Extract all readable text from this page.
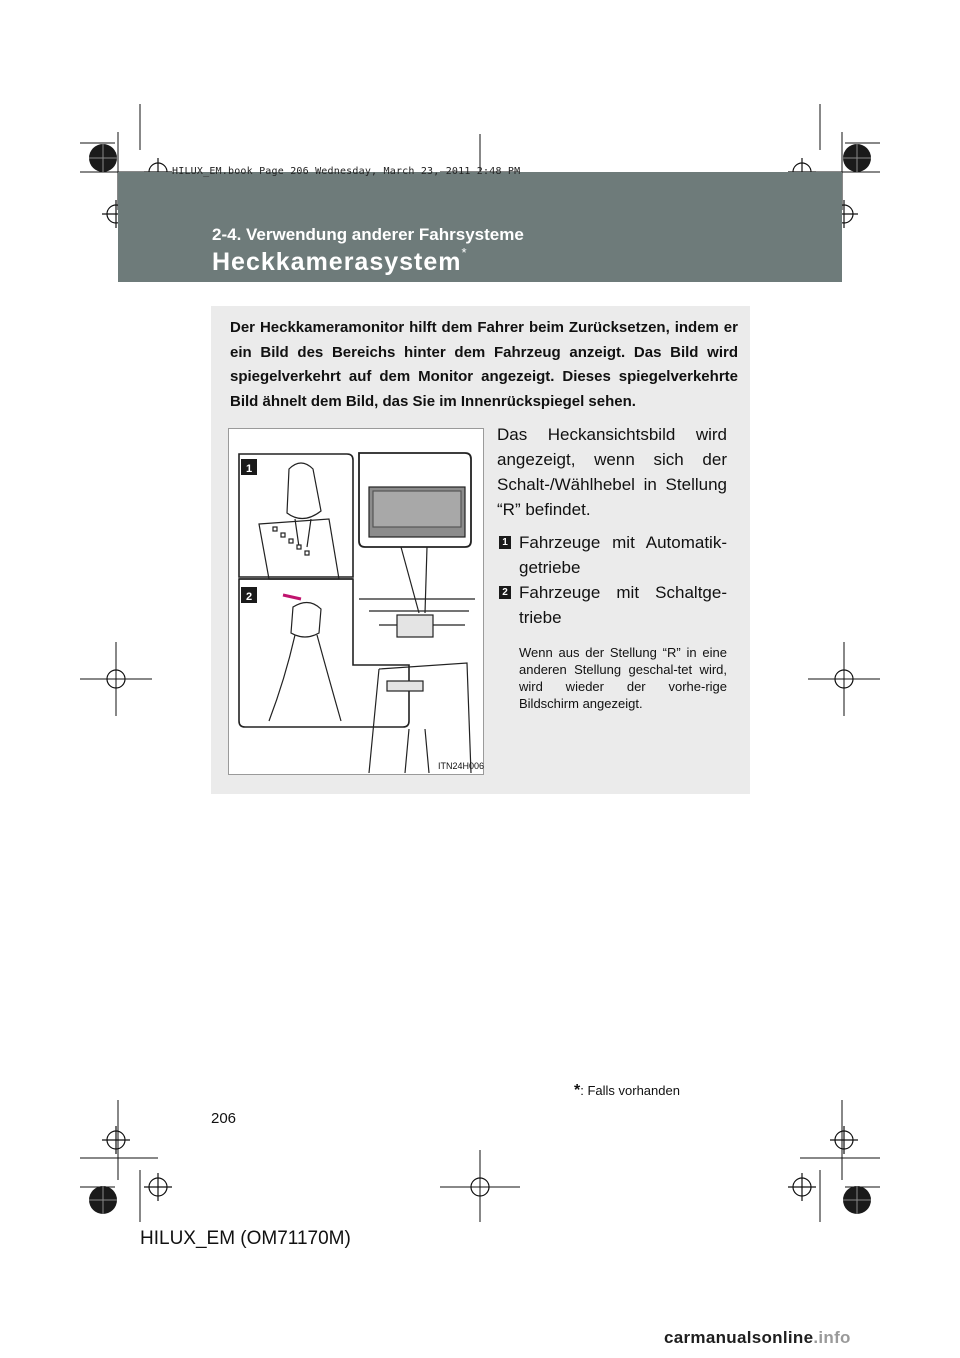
HILUX_EM.book Page 206 Wednesday, March 23, 2011 2:48 PM
2-4. Verwendung anderer Fahrsysteme
Heckkamerasystem*
Der Heckkameramonitor hilft dem Fahrer beim Zurücksetzen, indem er ein Bild des Bereichs hinter dem Fahrzeug anzeigt. Das Bild wird spiegelverkehrt auf dem Monitor angezeigt. Dieses spiegelverkehrte Bild ähnelt dem Bild, das Sie im Innenrückspiegel sehen.
1
2
ITN24H006

Das Heckansichtsbild wird angezeigt, wenn sich der Schalt-/Wählhebel in Stellung “R” befindet.

1 Fahrzeuge mit Automatik-getriebe
2 Fahrzeuge mit Schaltge-triebe
Wenn aus der Stellung “R” in eine anderen Stellung geschal-tet wird, wird wieder der vorhe-rige Bildschirm angezeigt.
*: Falls vorhanden
206
HILUX_EM (OM71170M)
carmanualsonline.info
